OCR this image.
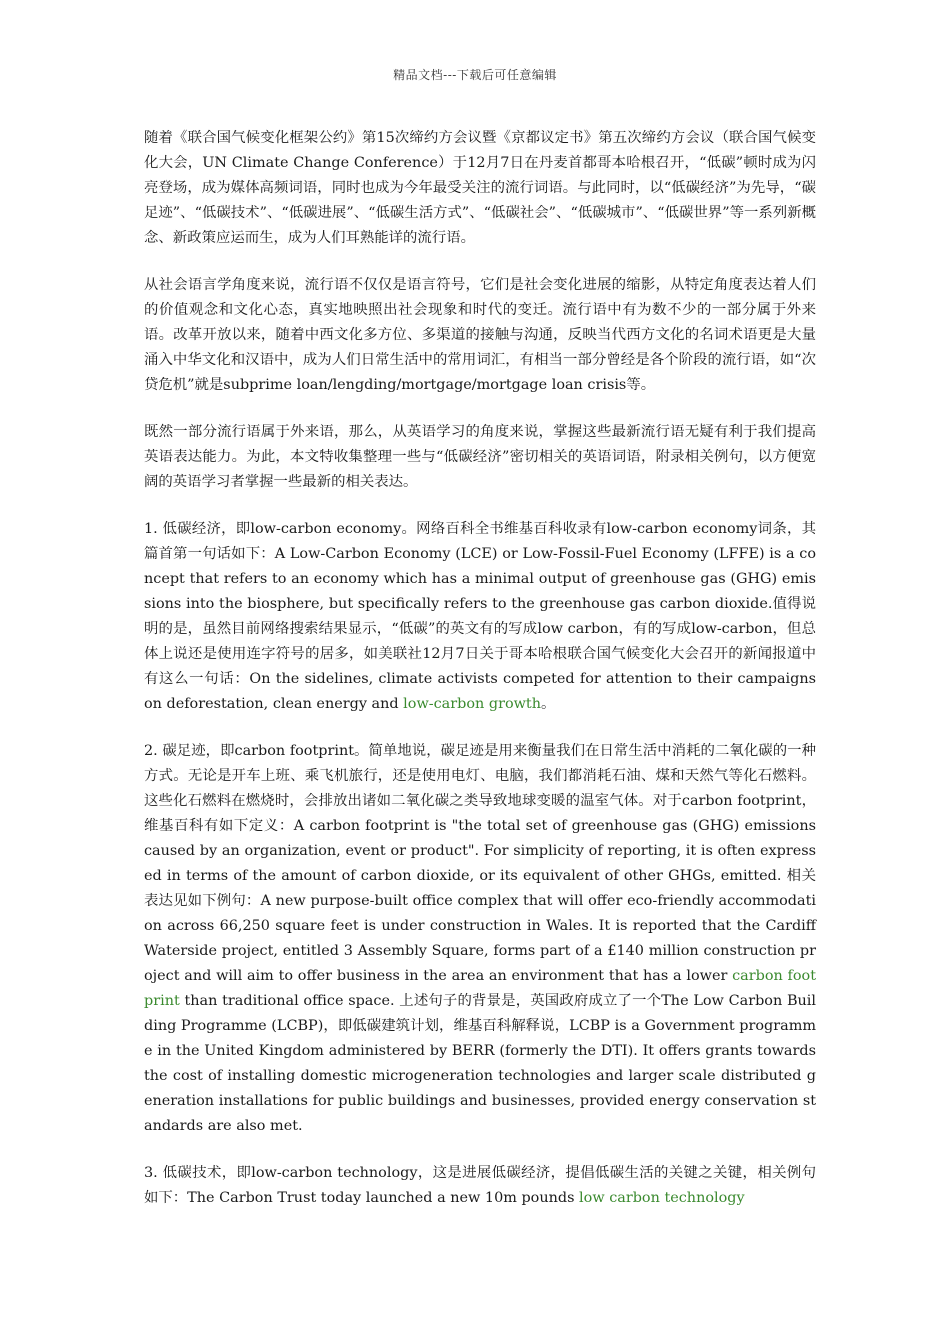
精品文档---下载后可任意编辑

随着《联合国气候变化框架公约》第15次缔约方会议暨《京都议定书》第五次缔约方会议（联合国气候变化大会，UN Climate Change Conference）于12月7日在丹麦首都哥本哈根召开，“低碳”顿时成为闪亮登场，成为媒体高频词语，同时也成为今年最受关注的流行词语。与此同时，以“低碳经济”为先导，“碳足迹”、“低碳技术”、“低碳进展”、“低碳生活方式”、“低碳社会”、“低碳城市”、“低碳世界”等一系列新概念、新政策应运而生，成为人们耳熟能详的流行语。

从社会语言学角度来说，流行语不仅仅是语言符号，它们是社会变化进展的缩影，从特定角度表达着人们的价值观念和文化心态，真实地映照出社会现象和时代的变迁。流行语中有为数不少的一部分属于外来语。改革开放以来，随着中西文化多方位、多渠道的接触与沟通，反映当代西方文化的名词术语更是大量涌入中华文化和汉语中，成为人们日常生活中的常用词汇，有相当一部分曾经是各个阶段的流行语，如“次贷危机”就是subprime loan/lengding/mortgage/mortgage loan crisis等。

既然一部分流行语属于外来语，那么，从英语学习的角度来说，掌握这些最新流行语无疑有利于我们提高英语表达能力。为此，本文特收集整理一些与“低碳经济”密切相关的英语词语，附录相关例句，以方便宽阔的英语学习者掌握一些最新的相关表达。

1. 低碳经济，即low-carbon economy。网络百科全书维基百科收录有low-carbon economy词条，其篇首第一句话如下：A Low-Carbon Economy (LCE) or Low-Fossil-Fuel Economy (LFFE) is a concept that refers to an economy which has a minimal output of greenhouse gas (GHG) emissions into the biosphere, but specifically refers to the greenhouse gas carbon dioxide.值得说明的是，虽然目前网络搜索结果显示，“低碳”的英文有的写成low carbon，有的写成low-carbon，但总体上说还是使用连字符号的居多，如美联社12月7日关于哥本哈根联合国气候变化大会召开的新闻报道中有这么一句话：On the sidelines, climate activists competed for attention to their campaigns on deforestation, clean energy and low-carbon growth。

2. 碳足迹，即carbon footprint。简单地说，碳足迹是用来衡量我们在日常生活中消耗的二氧化碳的一种方式。无论是开车上班、乘飞机旅行，还是使用电灯、电脑，我们都消耗石油、煤和天然气等化石燃料。这些化石燃料在燃烧时，会排放出诸如二氧化碳之类导致地球变暖的温室气体。对于carbon footprint，维基百科有如下定义：A carbon footprint is "the total set of greenhouse gas (GHG) emissions caused by an organization, event or product". For simplicity of reporting, it is often expressed in terms of the amount of carbon dioxide, or its equivalent of other GHGs, emitted. 相关表达见如下例句：A new purpose-built office complex that will offer eco-friendly accommodation across 66,250 square feet is under construction in Wales. It is reported that the Cardiff Waterside project, entitled 3 Assembly Square, forms part of a £140 million construction project and will aim to offer business in the area an environment that has a lower carbon footprint than traditional office space. 上述句子的背景是，英国政府成立了一个The Low Carbon Building Programme (LCBP)，即低碳建筑计划，维基百科解释说，LCBP is a Government programme in the United Kingdom administered by BERR (formerly the DTI). It offers grants towards the cost of installing domestic microgeneration technologies and larger scale distributed generation installations for public buildings and businesses, provided energy conservation standards are also met.

3. 低碳技术，即low-carbon technology，这是进展低碳经济，提倡低碳生活的关键之关键，相关例句如下：The Carbon Trust today launched a new 10m pounds low carbon technology
